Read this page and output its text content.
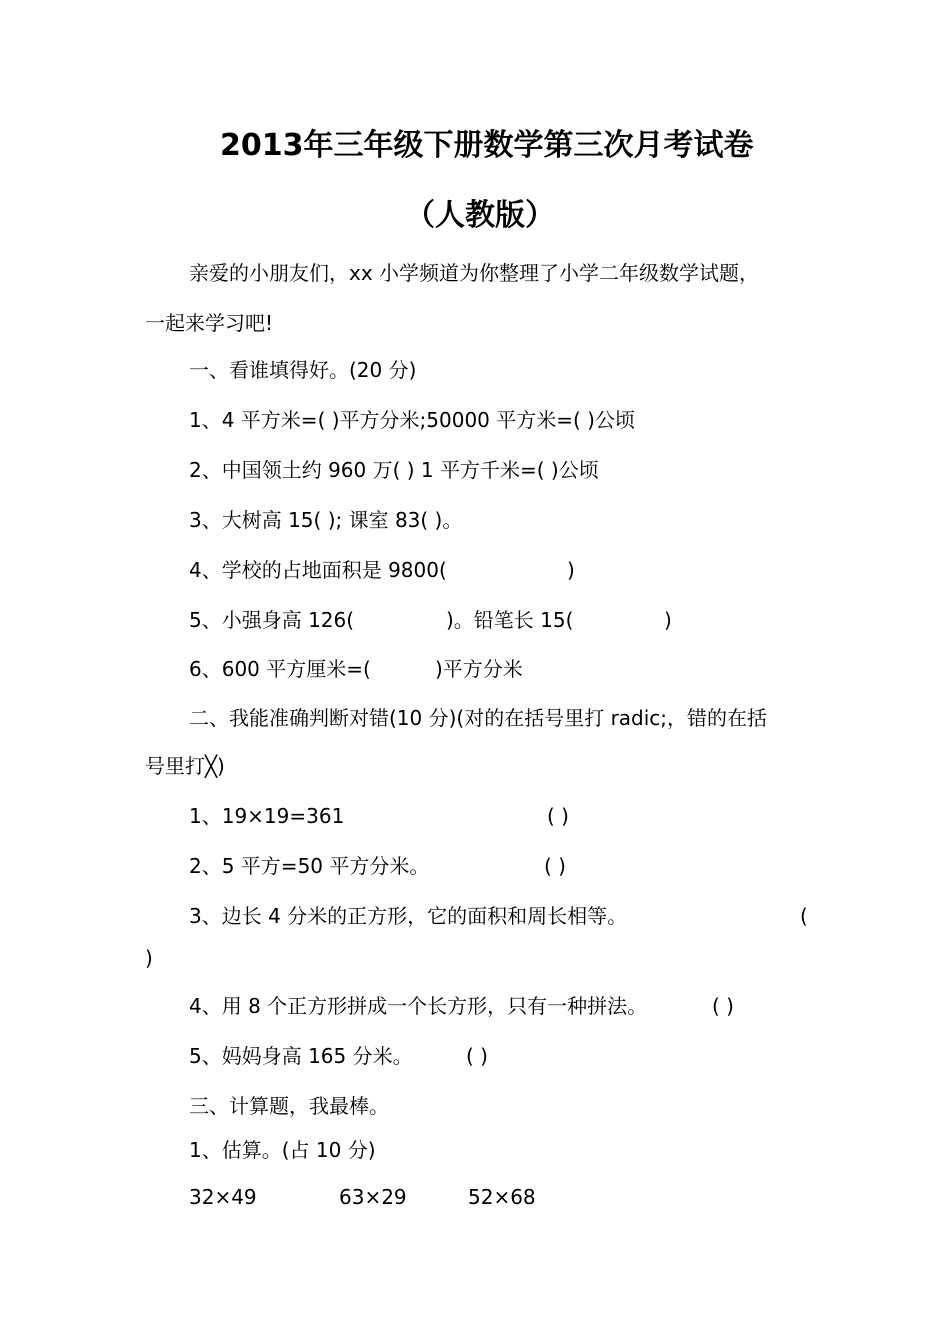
2013年三年级下册数学第三次月考试卷
（人教版）
亲爱的小朋友们，xx 小学频道为你整理了小学二年级数学试题，
一起来学习吧!
一、看谁填得好。(20 分)
1、4 平方米=( )平方分米;50000 平方米=( )公顷
2、中国领土约 960 万( ) 1 平方千米=( )公顷
3、大树高 15( ); 课室 83( )。
4、学校的占地面积是 9800(	)
5、小强身高 126(	)。铅笔长 15(	)
6、600 平方厘米=(	)平方分米
二、我能准确判断对错(10 分)(对的在括号里打 radic;，错的在括
号里打╳)
1、19×19=361	( )
2、5 平方=50 平方分米。	( )
3、边长 4 分米的正方形，它的面积和周长相等。	(
)
4、用 8 个正方形拼成一个长方形，只有一种拼法。	( )
5、妈妈身高 165 分米。	( )
三、计算题，我最棒。
1、估算。(占 10 分)
32×49	63×29	52×68
